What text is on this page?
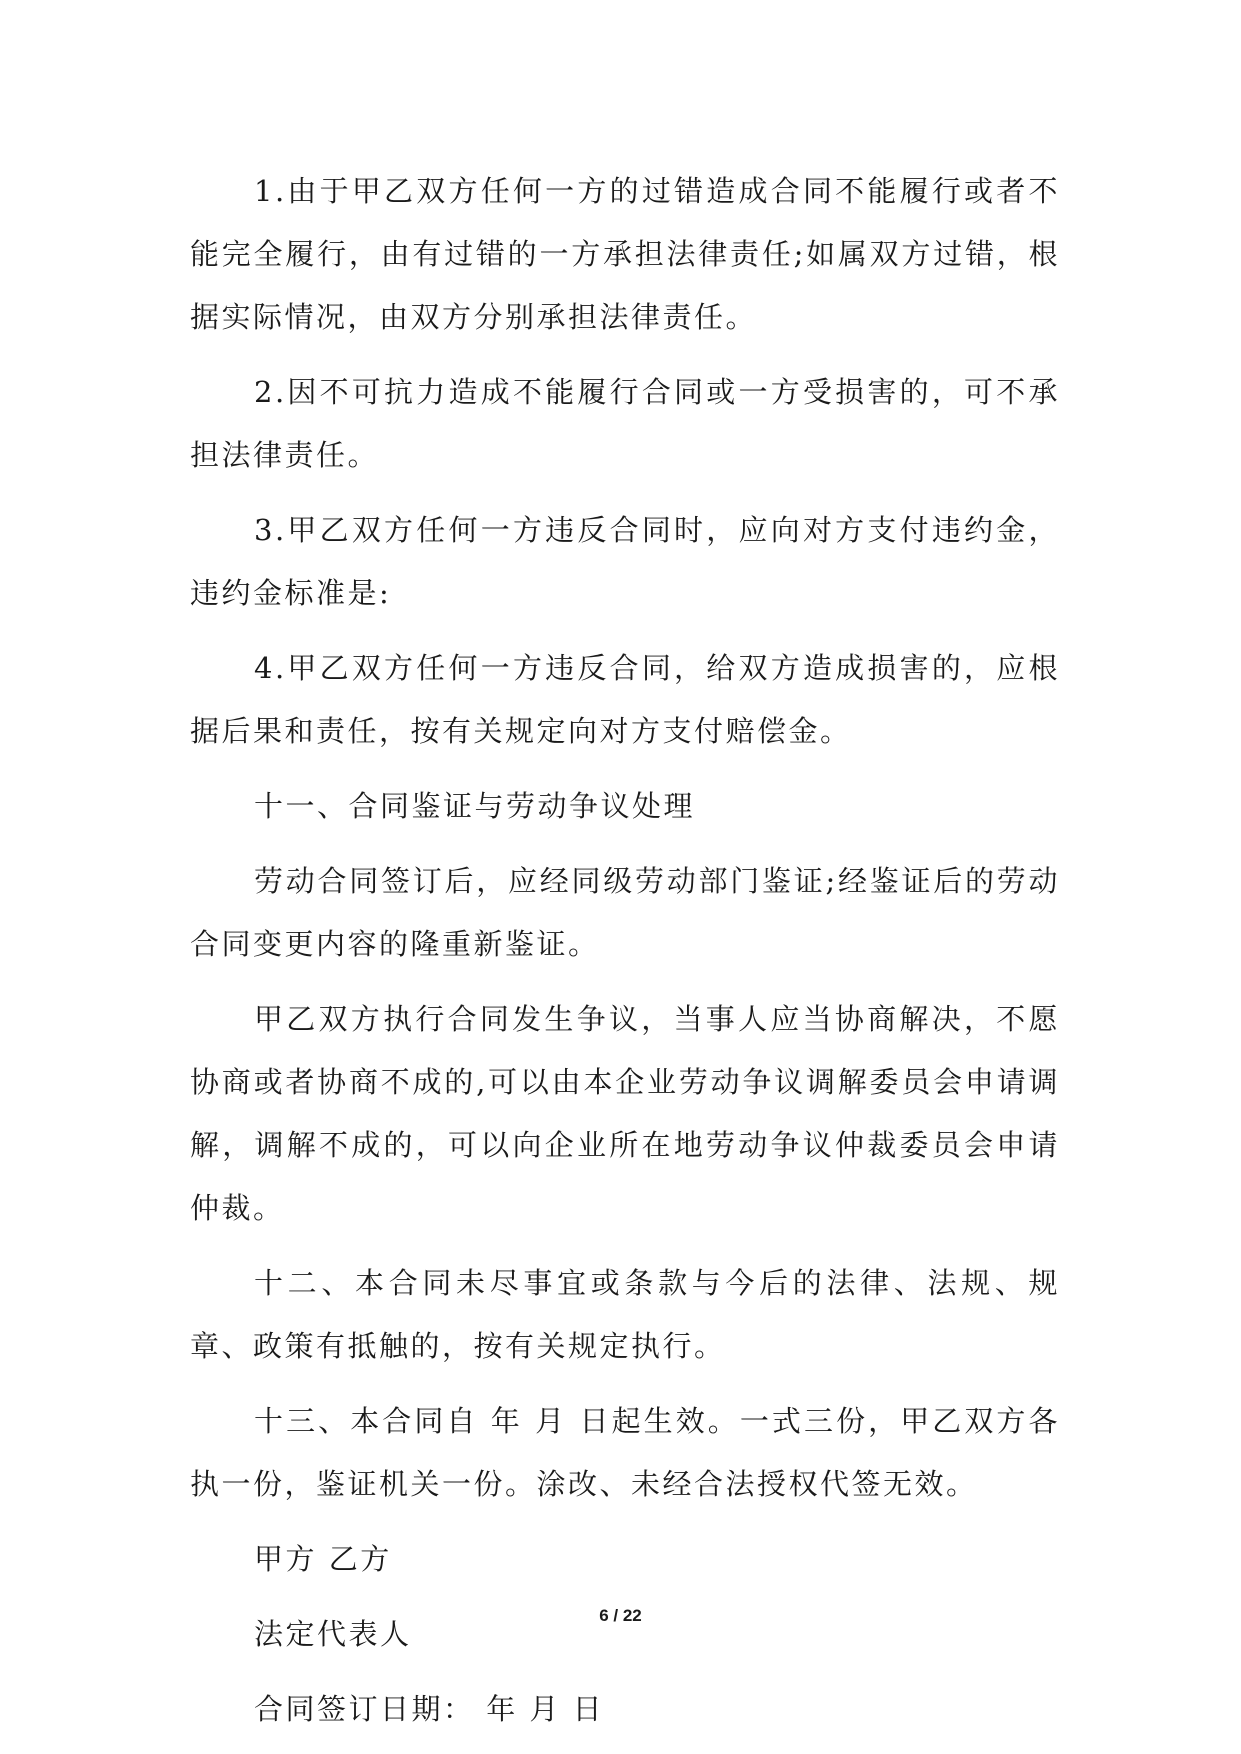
1.由于甲乙双方任何一方的过错造成合同不能履行或者不能完全履行，由有过错的一方承担法律责任;如属双方过错，根据实际情况，由双方分别承担法律责任。

2.因不可抗力造成不能履行合同或一方受损害的，可不承担法律责任。

3.甲乙双方任何一方违反合同时，应向对方支付违约金，违约金标准是:

4.甲乙双方任何一方违反合同，给双方造成损害的，应根据后果和责任，按有关规定向对方支付赔偿金。

十一、合同鉴证与劳动争议处理

劳动合同签订后，应经同级劳动部门鉴证;经鉴证后的劳动合同变更内容的隆重新鉴证。

甲乙双方执行合同发生争议，当事人应当协商解决，不愿协商或者协商不成的,可以由本企业劳动争议调解委员会申请调解，调解不成的，可以向企业所在地劳动争议仲裁委员会申请仲裁。

十二、本合同未尽事宜或条款与今后的法律、法规、规章、政策有抵触的，按有关规定执行。

十三、本合同自 年 月 日起生效。一式三份，甲乙双方各执一份，鉴证机关一份。涂改、未经合法授权代签无效。

甲方 乙方

法定代表人

合同签订日期： 年 月 日

6 / 22
